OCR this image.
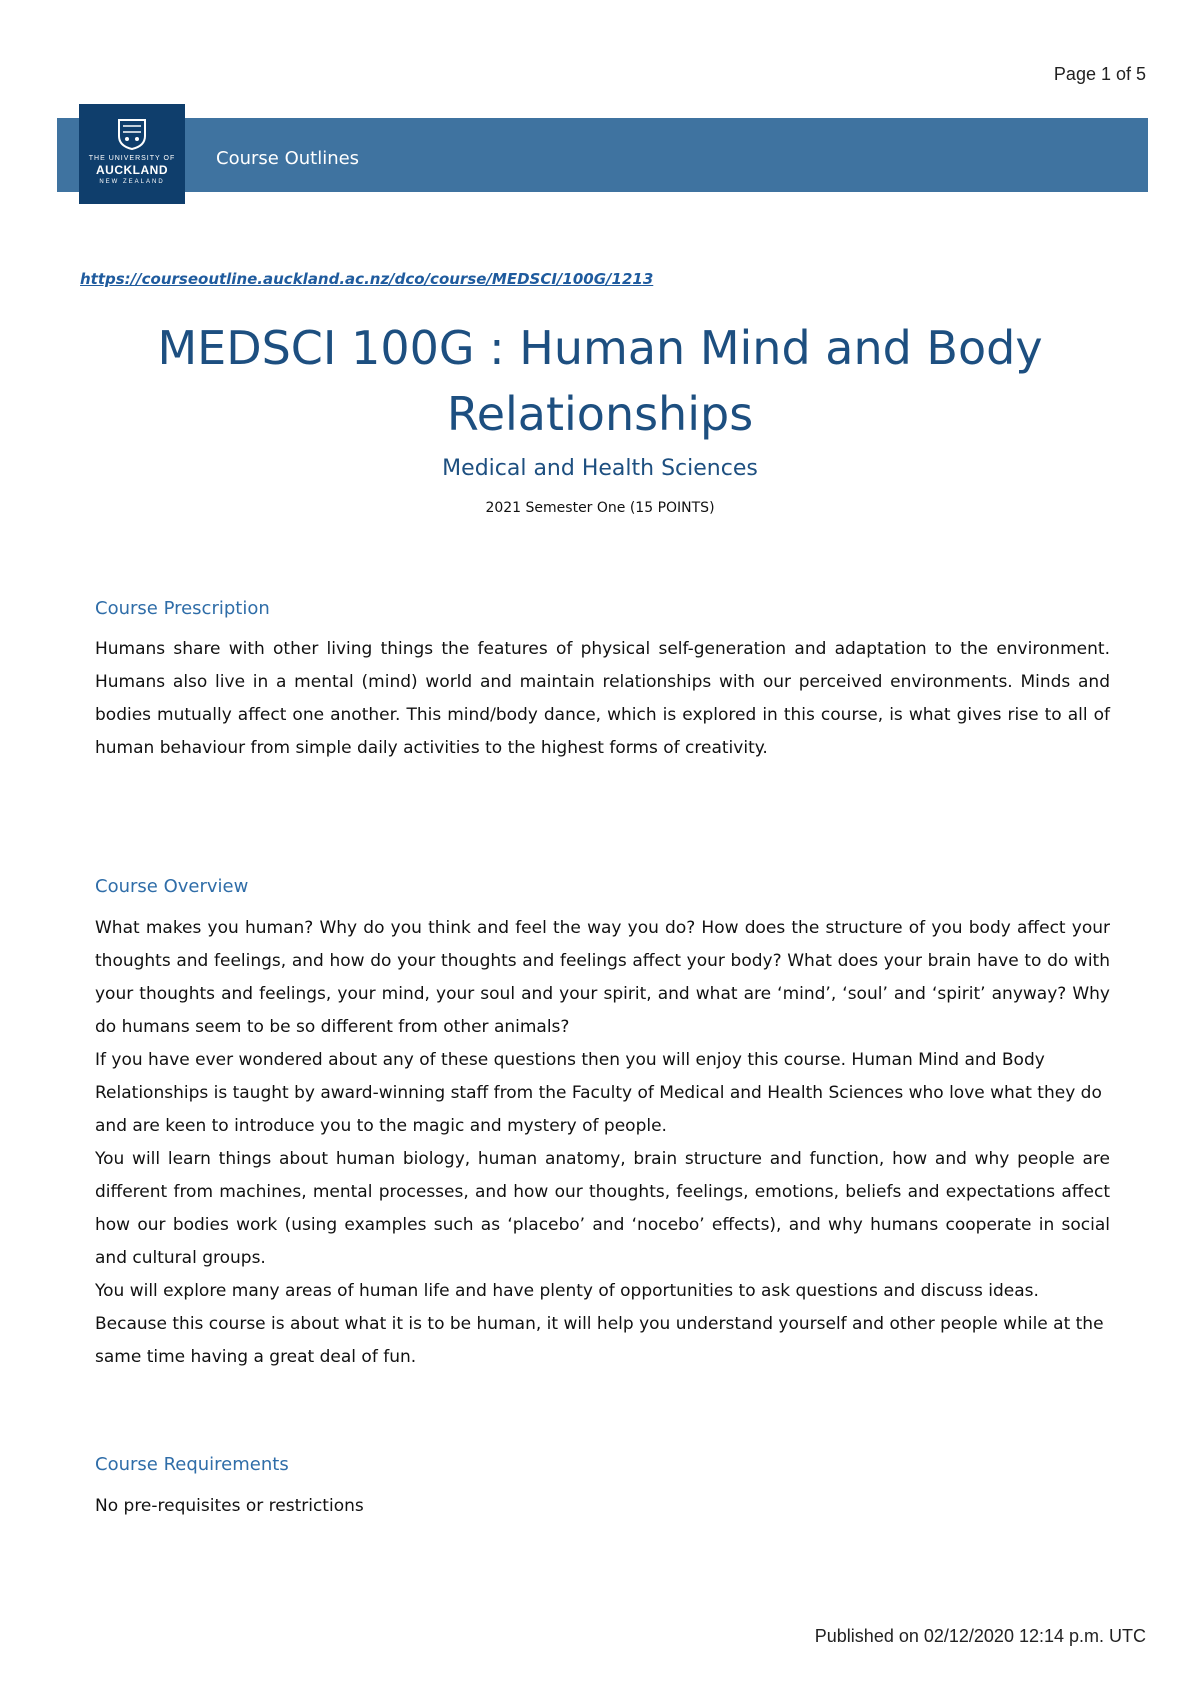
Page 1 of 5
THE UNIVERSITY OF
AUCKLAND
NEW ZEALAND
Course Outlines
https://courseoutline.auckland.ac.nz/dco/course/MEDSCI/100G/1213
MEDSCI 100G : Human Mind and Body Relationships
Medical and Health Sciences
2021 Semester One (15 POINTS)
Course Prescription
Humans share with other living things the features of physical self-generation and adaptation to the environment. Humans also live in a mental (mind) world and maintain relationships with our perceived environments. Minds and bodies mutually affect one another. This mind/body dance, which is explored in this course, is what gives rise to all of human behaviour from simple daily activities to the highest forms of creativity.
Course Overview

What makes you human? Why do you think and feel the way you do? How does the structure of you body affect your thoughts and feelings, and how do your thoughts and feelings affect your body? What does your brain have to do with your thoughts and feelings, your mind, your soul and your spirit, and what are ‘mind’, ‘soul’ and ‘spirit’ anyway? Why do humans seem to be so different from other animals?

If you have ever wondered about any of these questions then you will enjoy this course. Human Mind and Body Relationships is taught by award-winning staff from the Faculty of Medical and Health Sciences who love what they do and are keen to introduce you to the magic and mystery of people.

You will learn things about human biology, human anatomy, brain structure and function, how and why people are different from machines, mental processes, and how our thoughts, feelings, emotions, beliefs and expectations affect how our bodies work (using examples such as ‘placebo’ and ‘nocebo’ effects), and why humans cooperate in social and cultural groups.

You will explore many areas of human life and have plenty of opportunities to ask questions and discuss ideas. Because this course is about what it is to be human, it will help you understand yourself and other people while at the same time having a great deal of fun.

Course Requirements
No pre-requisites or restrictions
Published on 02/12/2020 12:14 p.m. UTC
